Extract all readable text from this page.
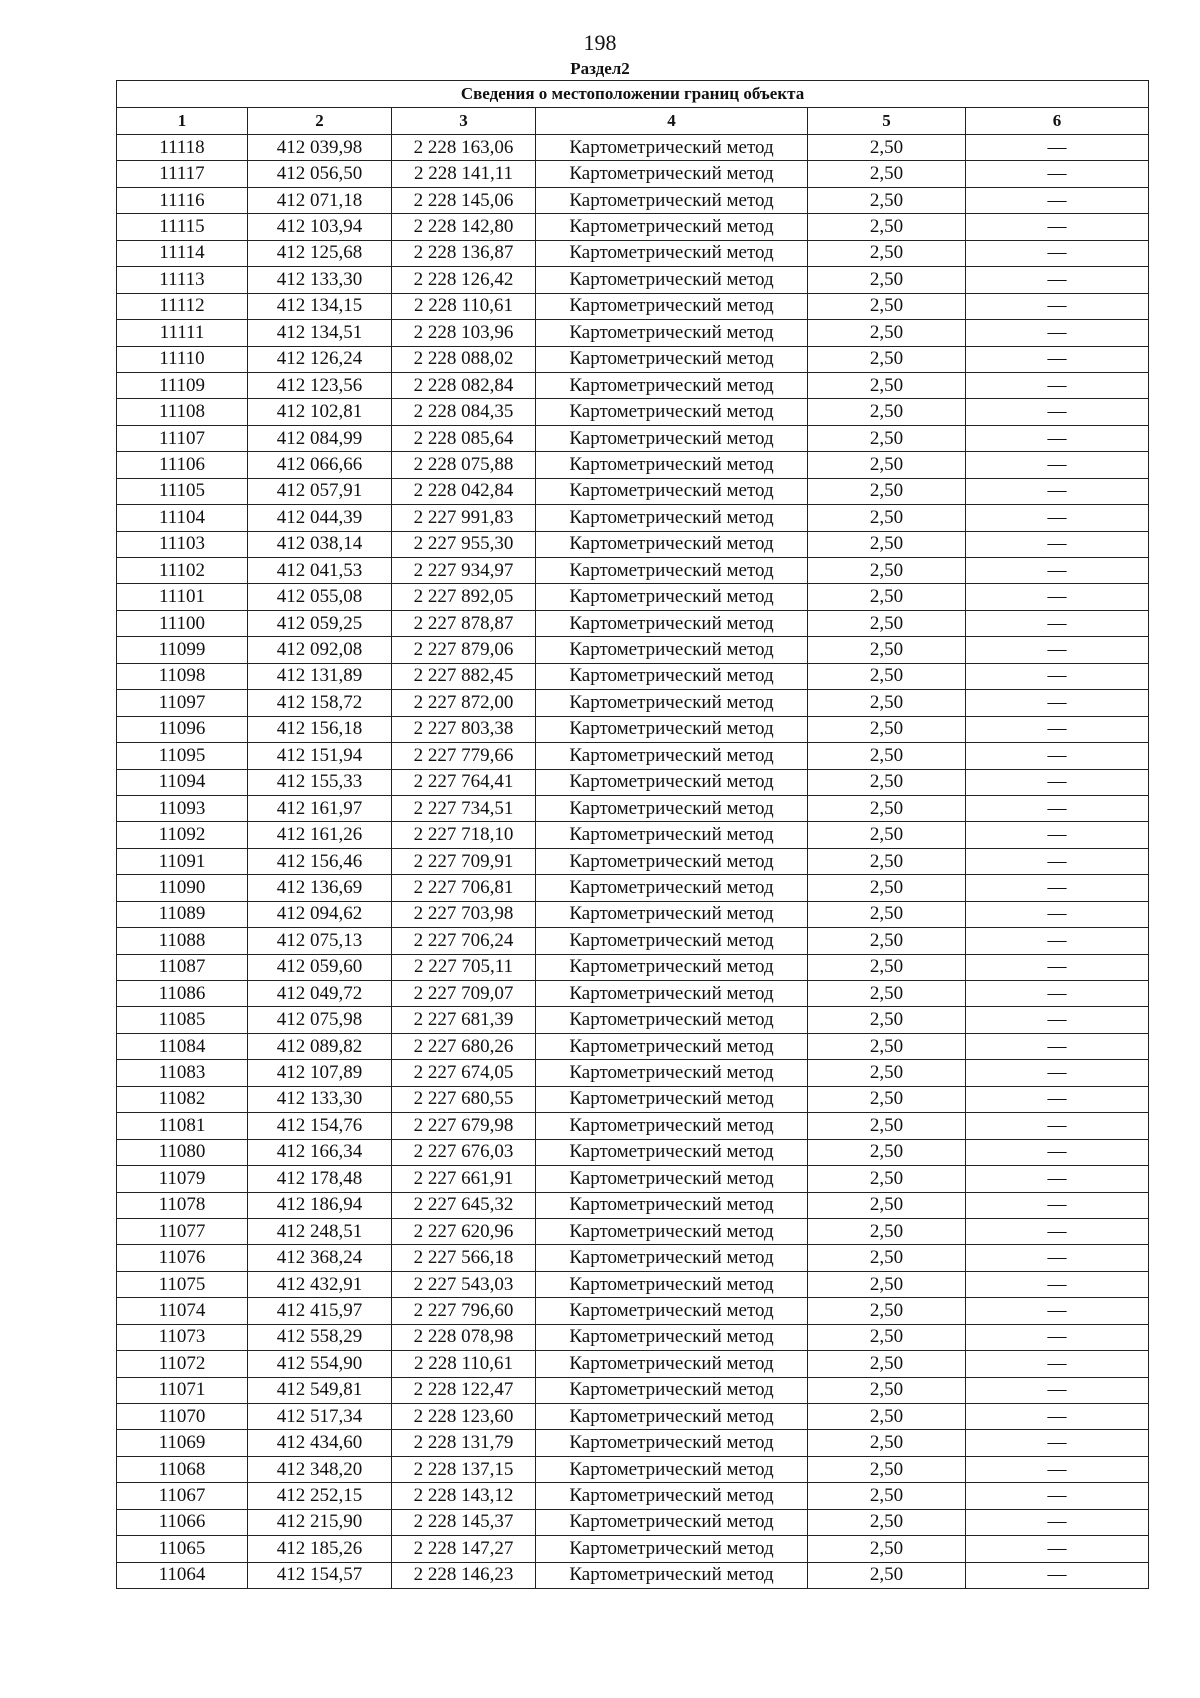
198
Раздел2
Сведения о местоположении границ объекта					
1	2	3	4	5	6
11118	412 039,98	2 228 163,06	Картометрический метод	2,50	—
11117	412 056,50	2 228 141,11	Картометрический метод	2,50	—
11116	412 071,18	2 228 145,06	Картометрический метод	2,50	—
11115	412 103,94	2 228 142,80	Картометрический метод	2,50	—
11114	412 125,68	2 228 136,87	Картометрический метод	2,50	—
11113	412 133,30	2 228 126,42	Картометрический метод	2,50	—
11112	412 134,15	2 228 110,61	Картометрический метод	2,50	—
11111	412 134,51	2 228 103,96	Картометрический метод	2,50	—
11110	412 126,24	2 228 088,02	Картометрический метод	2,50	—
11109	412 123,56	2 228 082,84	Картометрический метод	2,50	—
11108	412 102,81	2 228 084,35	Картометрический метод	2,50	—
11107	412 084,99	2 228 085,64	Картометрический метод	2,50	—
11106	412 066,66	2 228 075,88	Картометрический метод	2,50	—
11105	412 057,91	2 228 042,84	Картометрический метод	2,50	—
11104	412 044,39	2 227 991,83	Картометрический метод	2,50	—
11103	412 038,14	2 227 955,30	Картометрический метод	2,50	—
11102	412 041,53	2 227 934,97	Картометрический метод	2,50	—
11101	412 055,08	2 227 892,05	Картометрический метод	2,50	—
11100	412 059,25	2 227 878,87	Картометрический метод	2,50	—
11099	412 092,08	2 227 879,06	Картометрический метод	2,50	—
11098	412 131,89	2 227 882,45	Картометрический метод	2,50	—
11097	412 158,72	2 227 872,00	Картометрический метод	2,50	—
11096	412 156,18	2 227 803,38	Картометрический метод	2,50	—
11095	412 151,94	2 227 779,66	Картометрический метод	2,50	—
11094	412 155,33	2 227 764,41	Картометрический метод	2,50	—
11093	412 161,97	2 227 734,51	Картометрический метод	2,50	—
11092	412 161,26	2 227 718,10	Картометрический метод	2,50	—
11091	412 156,46	2 227 709,91	Картометрический метод	2,50	—
11090	412 136,69	2 227 706,81	Картометрический метод	2,50	—
11089	412 094,62	2 227 703,98	Картометрический метод	2,50	—
11088	412 075,13	2 227 706,24	Картометрический метод	2,50	—
11087	412 059,60	2 227 705,11	Картометрический метод	2,50	—
11086	412 049,72	2 227 709,07	Картометрический метод	2,50	—
11085	412 075,98	2 227 681,39	Картометрический метод	2,50	—
11084	412 089,82	2 227 680,26	Картометрический метод	2,50	—
11083	412 107,89	2 227 674,05	Картометрический метод	2,50	—
11082	412 133,30	2 227 680,55	Картометрический метод	2,50	—
11081	412 154,76	2 227 679,98	Картометрический метод	2,50	—
11080	412 166,34	2 227 676,03	Картометрический метод	2,50	—
11079	412 178,48	2 227 661,91	Картометрический метод	2,50	—
11078	412 186,94	2 227 645,32	Картометрический метод	2,50	—
11077	412 248,51	2 227 620,96	Картометрический метод	2,50	—
11076	412 368,24	2 227 566,18	Картометрический метод	2,50	—
11075	412 432,91	2 227 543,03	Картометрический метод	2,50	—
11074	412 415,97	2 227 796,60	Картометрический метод	2,50	—
11073	412 558,29	2 228 078,98	Картометрический метод	2,50	—
11072	412 554,90	2 228 110,61	Картометрический метод	2,50	—
11071	412 549,81	2 228 122,47	Картометрический метод	2,50	—
11070	412 517,34	2 228 123,60	Картометрический метод	2,50	—
11069	412 434,60	2 228 131,79	Картометрический метод	2,50	—
11068	412 348,20	2 228 137,15	Картометрический метод	2,50	—
11067	412 252,15	2 228 143,12	Картометрический метод	2,50	—
11066	412 215,90	2 228 145,37	Картометрический метод	2,50	—
11065	412 185,26	2 228 147,27	Картометрический метод	2,50	—
11064	412 154,57	2 228 146,23	Картометрический метод	2,50	—
